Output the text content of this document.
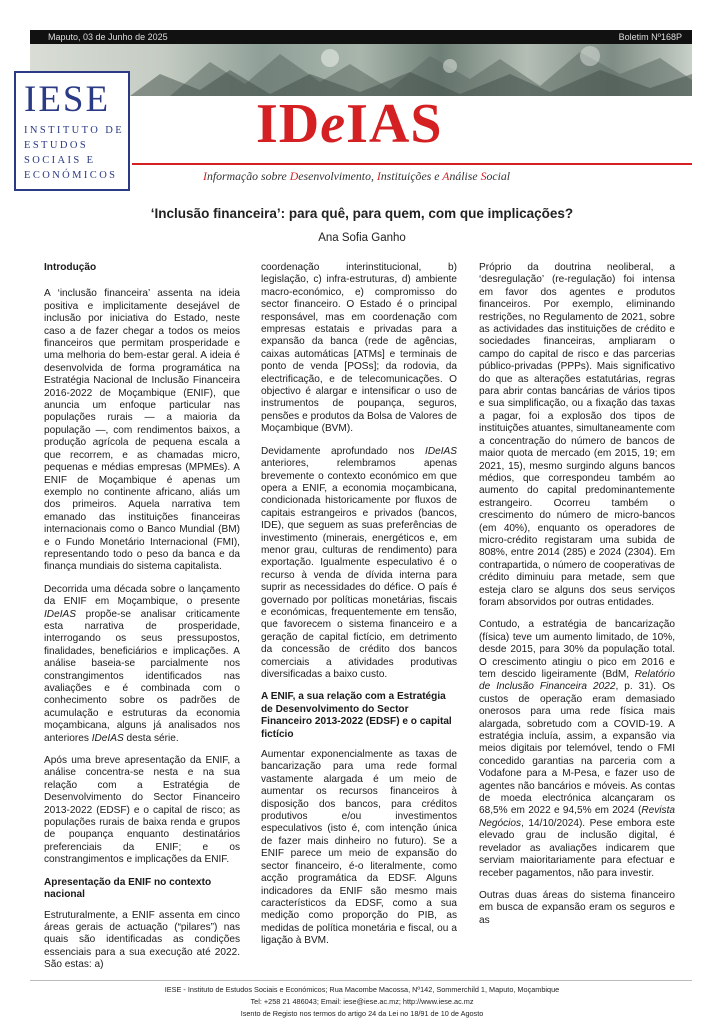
Maputo, 03 de Junho de 2025	Boletim Nº168P
IESE
INSTITUTO DE
ESTUDOS
SOCIAIS E
ECONÓMICOS
IDeIAS
Informação sobre Desenvolvimento, Instituições e Análise Social
‘Inclusão financeira’: para quê, para quem, com que implicações?
Ana Sofia Ganho
Introdução

A ‘inclusão financeira’ assenta na ideia positiva e implicitamente desejável de inclusão por iniciativa do Estado, neste caso a de fazer chegar a todos os meios financeiros que permitam prosperidade e uma melhoria do bem-estar geral. A ideia é desenvolvida de forma programática na Estratégia Nacional de Inclusão Financeira 2016-2022 de Moçambique (ENIF), que anuncia um enfoque particular nas populações rurais — a maioria da população —, com rendimentos baixos, a produção agrícola de pequena escala a que recorrem, e as chamadas micro, pequenas e médias empresas (MPMEs). A ENIF de Moçambique é apenas um exemplo no continente africano, aliás um dos primeiros. Aquela narrativa tem emanado das instituições financeiras internacionais como o Banco Mundial (BM) e o Fundo Monetário Internacional (FMI), representando todo o peso da banca e da finança mundiais do sistema capitalista.

Decorrida uma década sobre o lançamento da ENIF em Moçambique, o presente IDeIAS propõe-se analisar criticamente esta narrativa de prosperidade, interrogando os seus pressupostos, finalidades, beneficiários e implicações. A análise baseia-se parcialmente nos constrangimentos identificados nas avaliações e é combinada com o conhecimento sobre os padrões de acumulação e estruturas da economia moçambicana, alguns já analisados nos anteriores IDeIAS desta série.

Após uma breve apresentação da ENIF, a análise concentra-se nesta e na sua relação com a Estratégia de Desenvolvimento do Sector Financeiro 2013-2022 (EDSF) e o capital de risco; as populações rurais de baixa renda e grupos de poupança enquanto destinatários preferenciais da ENIF; e os constrangimentos e implicações da ENIF.

Apresentação da ENIF no contexto nacional

Estruturalmente, a ENIF assenta em cinco áreas gerais de actuação (“pilares”) nas quais são identificadas as condições essenciais para a sua execução até 2022. São estas: a)

coordenação interinstitucional, b) legislação, c) infra-estruturas, d) ambiente macro-económico, e) compromisso do sector financeiro. O Estado é o principal responsável, mas em coordenação com empresas estatais e privadas para a expansão da banca (rede de agências, caixas automáticas [ATMs] e terminais de ponto de venda [POSs]; da rodovia, da electrificação, e de telecomunicações. O objectivo é alargar e intensificar o uso de instrumentos de poupança, seguros, pensões e produtos da Bolsa de Valores de Moçambique (BVM).

Devidamente aprofundado nos IDeIAS anteriores, relembramos apenas brevemente o contexto económico em que opera a ENIF, a economia moçambicana, condicionada historicamente por fluxos de capitais estrangeiros e privados (bancos, IDE), que seguem as suas preferências de investimento (minerais, energéticos e, em menor grau, culturas de rendimento) para exportação. Igualmente especulativo é o recurso à venda de dívida interna para suprir as necessidades do défice. O país é governado por políticas monetárias, fiscais e económicas, frequentemente em tensão, que favorecem o sistema financeiro e a geração de capital fictício, em detrimento da concessão de crédito dos bancos comerciais a atividades produtivas diversificadas a baixo custo.

A ENIF, a sua relação com a Estratégia de Desenvolvimento do Sector Financeiro 2013-2022 (EDSF) e o capital fictício

Aumentar exponencialmente as taxas de bancarização para uma rede formal vastamente alargada é um meio de aumentar os recursos financeiros à disposição dos bancos, para créditos produtivos e/ou investimentos especulativos (isto é, com intenção única de fazer mais dinheiro no futuro). Se a ENIF parece um meio de expansão do sector financeiro, é-o literalmente, como acção programática da EDSF. Alguns indicadores da ENIF são mesmo mais característicos da EDSF, como a sua medição como proporção do PIB, as medidas de política monetária e fiscal, ou a ligação à BVM.

Próprio da doutrina neoliberal, a ‘desregulação’ (re-regulação) foi intensa em favor dos agentes e produtos financeiros. Por exemplo, eliminando restrições, no Regulamento de 2021, sobre as actividades das instituições de crédito e sociedades financeiras, ampliaram o campo do capital de risco e das parcerias público-privadas (PPPs). Mais significativo do que as alterações estatutárias, regras para abrir contas bancárias de vários tipos e sua simplificação, ou a fixação das taxas a pagar, foi a explosão dos tipos de instituições atuantes, simultaneamente com a concentração do número de bancos de maior quota de mercado (em 2015, 19; em 2021, 15), mesmo surgindo alguns bancos médios, que correspondeu também ao aumento do capital predominantemente estrangeiro. Ocorreu também o crescimento do número de micro-bancos (em 40%), enquanto os operadores de micro-crédito registaram uma subida de 808%, entre 2014 (285) e 2024 (2304). Em contrapartida, o número de cooperativas de crédito diminuiu para metade, sem que esteja claro se alguns dos seus serviços foram absorvidos por outras entidades.

Contudo, a estratégia de bancarização (física) teve um aumento limitado, de 10%, desde 2015, para 30% da população total. O crescimento atingiu o pico em 2016 e tem descido ligeiramente (BdM, Relatório de Inclusão Financeira 2022, p. 31). Os custos de operação eram demasiado onerosos para uma rede física mais alargada, sobretudo com a COVID-19. A estratégia incluía, assim, a expansão via meios digitais por telemóvel, tendo o FMI concedido garantias na parceria com a Vodafone para a M-Pesa, e fazer uso de agentes não bancários e móveis. As contas de moeda electrónica alcançaram os 68,5% em 2022 e 94,5% em 2024 (Revista Negócios, 14/10/2024). Pese embora este elevado grau de inclusão digital, é revelador as avaliações indicarem que serviam maioritariamente para efectuar e receber pagamentos, não para investir.

Outras duas áreas do sistema financeiro em busca de expansão eram os seguros e as

IESE - Instituto de Estudos Sociais e Económicos; Rua Macombe Macossa, Nº142, Sommerchild 1, Maputo, Moçambique
Tel: +258 21 486043; Email: iese@iese.ac.mz; http://www.iese.ac.mz
Isento de Registo nos termos do artigo 24 da Lei no 18/91 de 10 de Agosto
